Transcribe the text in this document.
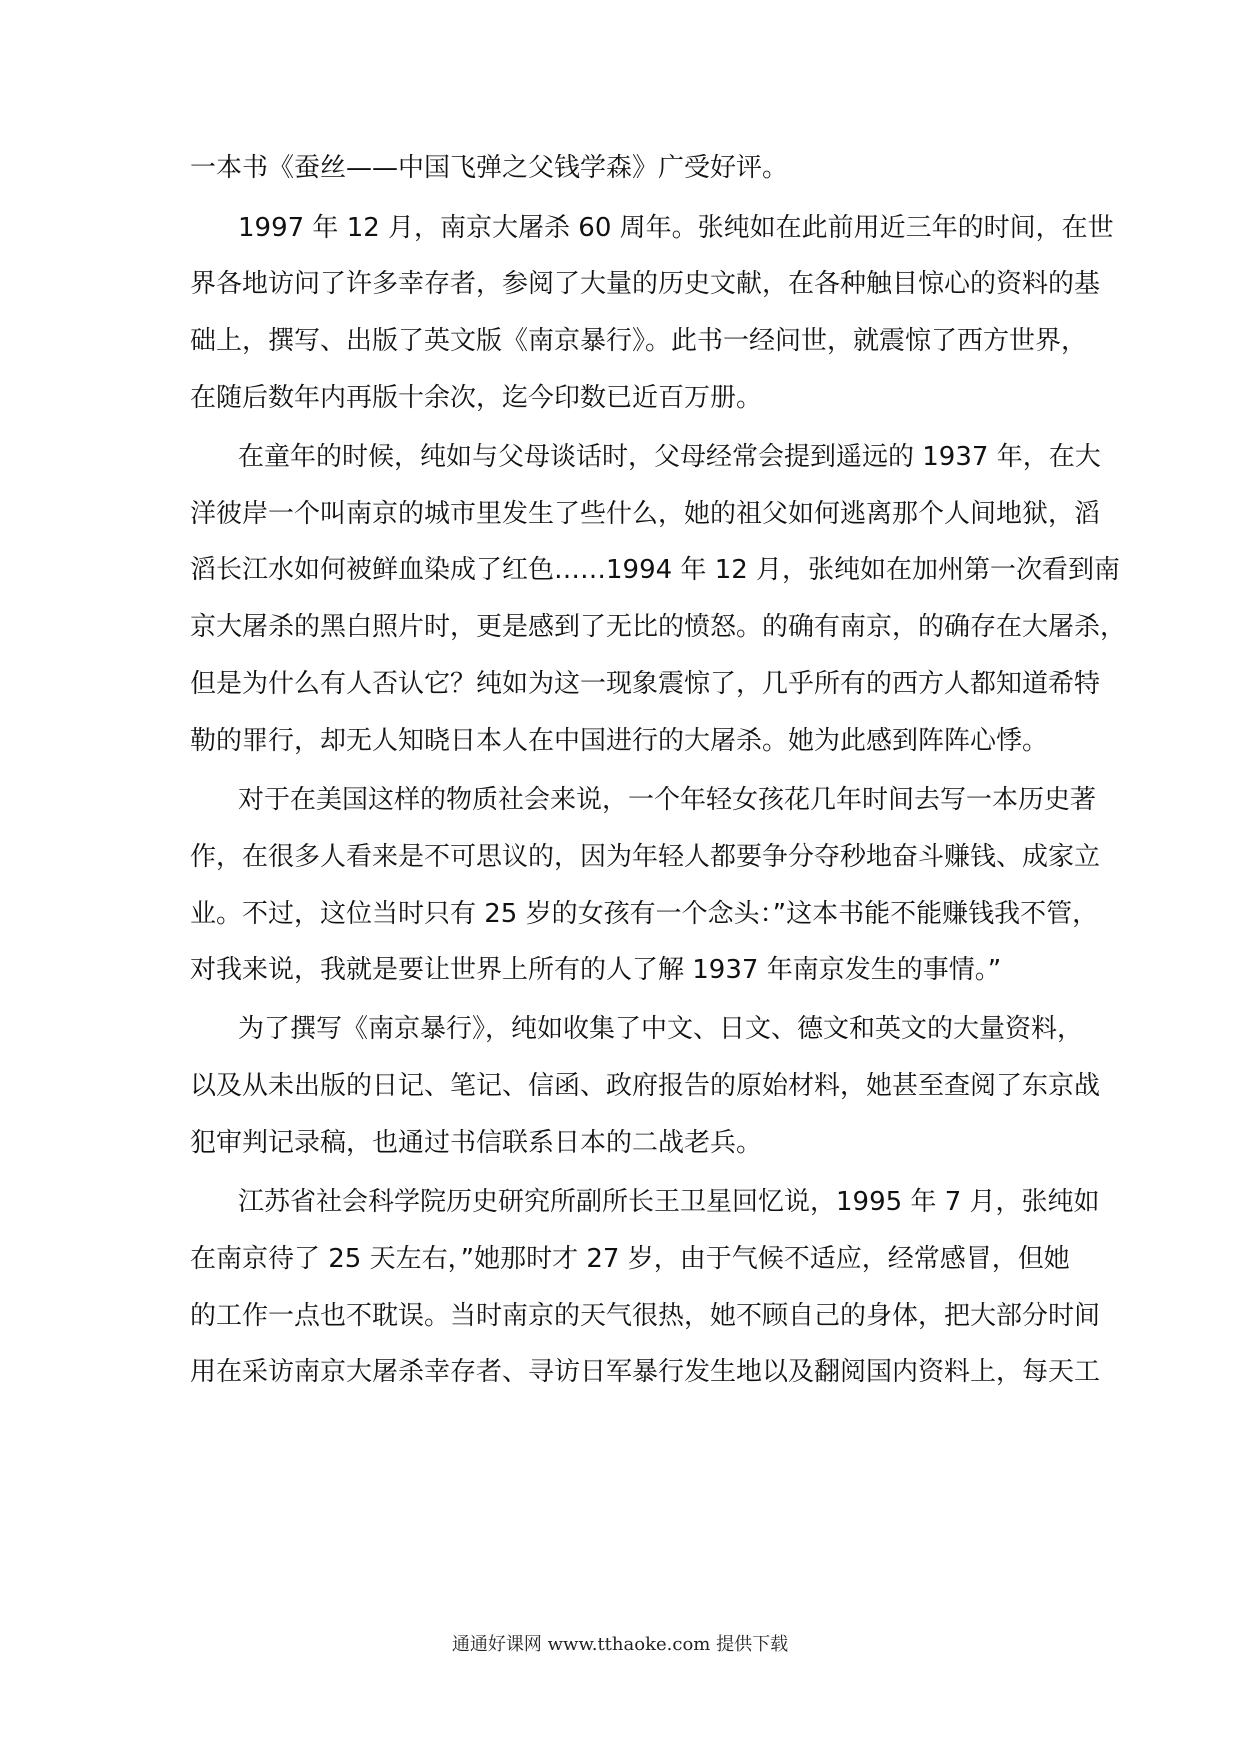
一本书《蚕丝——中国飞弹之父钱学森》广受好评。
1997 年 12 月，南京大屠杀 60 周年。张纯如在此前用近三年的时间，在世
界各地访问了许多幸存者，参阅了大量的历史文献，在各种触目惊心的资料的基
础上，撰写、出版了英文版《南京暴行》。此书一经问世，就震惊了西方世界，
在随后数年内再版十余次，迄今印数已近百万册。
在童年的时候，纯如与父母谈话时，父母经常会提到遥远的 1937 年，在大
洋彼岸一个叫南京的城市里发生了些什么，她的祖父如何逃离那个人间地狱，滔
滔长江水如何被鲜血染成了红色……1994 年 12 月，张纯如在加州第一次看到南
京大屠杀的黑白照片时，更是感到了无比的愤怒。的确有南京，的确存在大屠杀，
但是为什么有人否认它？纯如为这一现象震惊了，几乎所有的西方人都知道希特
勒的罪行，却无人知晓日本人在中国进行的大屠杀。她为此感到阵阵心悸。
对于在美国这样的物质社会来说，一个年轻女孩花几年时间去写一本历史著
作，在很多人看来是不可思议的，因为年轻人都要争分夺秒地奋斗赚钱、成家立
业。不过，这位当时只有 25 岁的女孩有一个念头：”这本书能不能赚钱我不管，
对我来说，我就是要让世界上所有的人了解 1937 年南京发生的事情。”
为了撰写《南京暴行》，纯如收集了中文、日文、德文和英文的大量资料，
以及从未出版的日记、笔记、信函、政府报告的原始材料，她甚至查阅了东京战
犯审判记录稿，也通过书信联系日本的二战老兵。
江苏省社会科学院历史研究所副所长王卫星回忆说，1995 年 7 月，张纯如
在南京待了 25 天左右，”她那时才 27 岁，由于气候不适应，经常感冒，但她
的工作一点也不耽误。当时南京的天气很热，她不顾自己的身体，把大部分时间
用在采访南京大屠杀幸存者、寻访日军暴行发生地以及翻阅国内资料上，每天工
通通好课网 www.tthaoke.com 提供下载
